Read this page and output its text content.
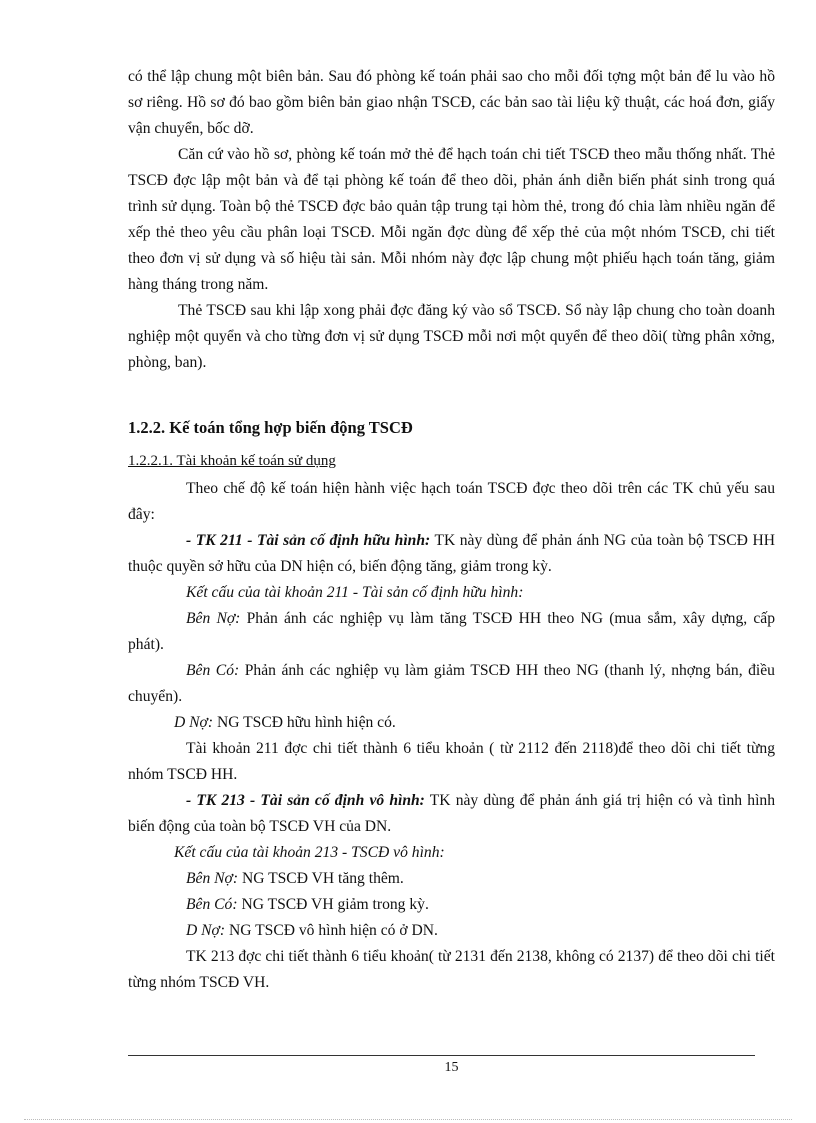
có thể lập chung một biên bản. Sau đó phòng kế toán phải sao cho mỗi đối tợng một bản để lu vào hồ sơ riêng. Hồ sơ đó bao gồm biên bản giao nhận TSCĐ, các bản sao tài liệu kỹ thuật, các hoá đơn, giấy vận chuyển, bốc dỡ.

Căn cứ vào hồ sơ, phòng kế toán mở thẻ để hạch toán chi tiết TSCĐ theo mẫu thống nhất. Thẻ TSCĐ đợc lập một bản và để tại phòng kế toán để theo dõi, phản ánh diễn biến phát sinh trong quá trình sử dụng. Toàn bộ thẻ TSCĐ đợc bảo quản tập trung tại hòm thẻ, trong đó chia làm nhiều ngăn để xếp thẻ theo yêu cầu phân loại TSCĐ. Mỗi ngăn đợc dùng để xếp thẻ của một nhóm TSCĐ, chi tiết theo đơn vị sử dụng và số hiệu tài sản. Mỗi nhóm này đợc lập chung một phiếu hạch toán tăng, giảm hàng tháng trong năm.

Thẻ TSCĐ sau khi lập xong phải đợc đăng ký vào sổ TSCĐ. Sổ này lập chung cho toàn doanh nghiệp một quyển và cho từng đơn vị sử dụng TSCĐ mỗi nơi một quyển để theo dõi( từng phân xởng, phòng, ban).

1.2.2. Kế toán tổng hợp biến động TSCĐ

1.2.2.1. Tài khoản kế toán sử dụng

Theo chế độ kế toán hiện hành việc hạch toán TSCĐ đợc theo dõi trên các TK chủ yếu sau đây:

- TK 211 - Tài sản cố định hữu hình: TK này dùng để phản ánh NG của toàn bộ TSCĐ HH thuộc quyền sở hữu của DN hiện có, biến động tăng, giảm trong kỳ.

Kết cấu của tài khoản 211 - Tài sản cố định hữu hình:

Bên Nợ: Phản ánh các nghiệp vụ làm tăng TSCĐ HH theo NG (mua sắm, xây dựng, cấp phát).

Bên Có: Phản ánh các nghiệp vụ làm giảm TSCĐ HH theo NG (thanh lý, nhợng bán, điều chuyển).

D Nợ: NG TSCĐ hữu hình hiện có.

Tài khoản 211 đợc chi tiết thành 6 tiểu khoản ( từ 2112 đến 2118)để theo dõi chi tiết từng nhóm TSCĐ HH.

- TK 213 - Tài sản cố định vô hình: TK này dùng để phản ánh giá trị hiện có và tình hình biến động của toàn bộ TSCĐ VH của DN.

Kết cấu của tài khoản 213 - TSCĐ vô hình:

Bên Nợ: NG TSCĐ VH tăng thêm.

Bên Có: NG TSCĐ VH giảm trong kỳ.

D Nợ: NG TSCĐ vô hình hiện có ở DN.

TK 213 đợc chi tiết thành 6 tiểu khoản( từ 2131 đến 2138, không có 2137) để theo dõi chi tiết từng nhóm TSCĐ VH.

15
